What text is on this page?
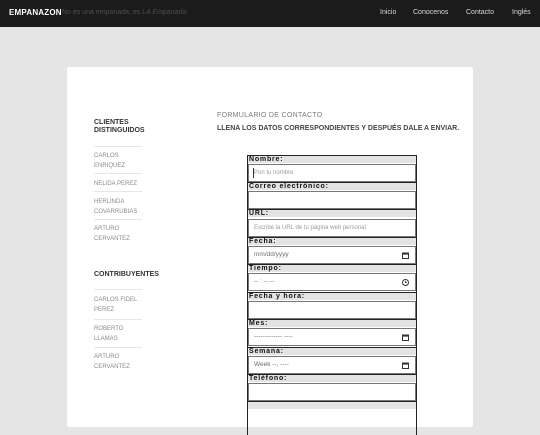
EMPANAZON No es una empanada, es LA Empanada.	Inicio Conocenos	Contacto	Inglés
CLIENTES DISTINGUIDOS
CARLOS ENRIQUEZ
NELIDA PEREZ
HERLINDA COVARRUBIAS
ARTURO CERVANTEZ
CONTRIBUYENTES
CARLOS FIDEL PEREZ
ROBERTO LLAMAS
ARTURO CERVANTEZ
FORMULARIO DE CONTACTO
LLENA LOS DATOS CORRESPONDIENTES Y DESPUÉS DALE A ENVIAR.
Nombre:
Pon tu nombre
Correo electrónico:
URL:
Escribe la URL de tu página web personal
Fecha:
mm/dd/yyyy
Tiempo:
-- : -- --
Fecha y hora:
Mes:
------------- ----
Semana:
Week --, ----
Teléfono:
